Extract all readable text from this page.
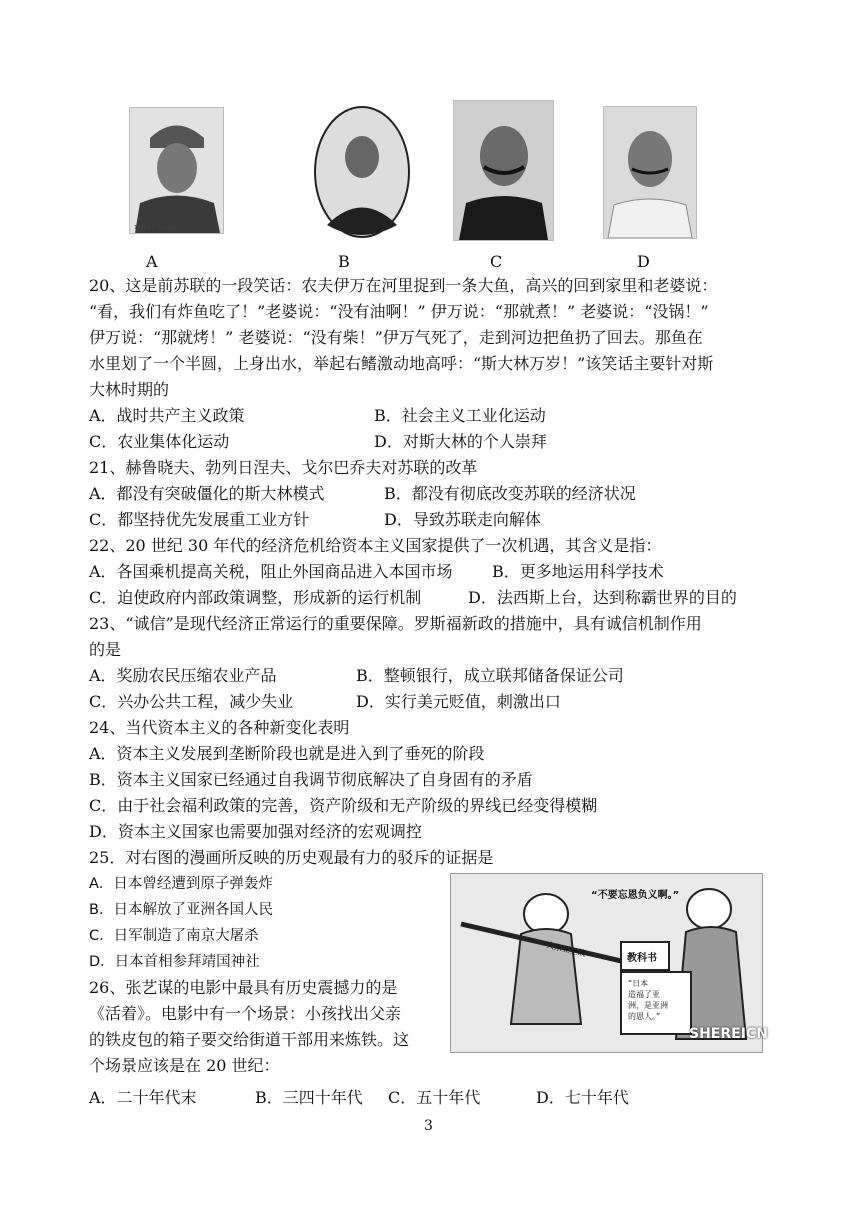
1936年在陕北保安
A	B	C	D
20、这是前苏联的一段笑话：农夫伊万在河里捉到一条大鱼，高兴的回到家里和老婆说：
“看，我们有炸鱼吃了！”老婆说：“没有油啊！” 伊万说：“那就煮！” 老婆说：“没锅！”
伊万说：“那就烤！” 老婆说：“没有柴！”伊万气死了，走到河边把鱼扔了回去。那鱼在
水里划了一个半圆，上身出水，举起右鳍激动地高呼：“斯大林万岁！”该笑话主要针对斯
大林时期的
A．战时共产主义政策	B．社会主义工业化运动
C．农业集体化运动	D．对斯大林的个人崇拜
21、赫鲁晓夫、勃列日涅夫、戈尔巴乔夫对苏联的改革
A．都没有突破僵化的斯大林模式	B．都没有彻底改变苏联的经济状况
C．都坚持优先发展重工业方针	D．导致苏联走向解体
22、20 世纪 30 年代的经济危机给资本主义国家提供了一次机遇，其含义是指：
A．各国乘机提高关税，阻止外国商品进入本国市场 B．更多地运用科学技术
C．迫使政府内部政策调整，形成新的运行机制	D．法西斯上台，达到称霸世界的目的
23、“诚信”是现代经济正常运行的重要保障。罗斯福新政的措施中，具有诚信机制作用
的是
A．奖励农民压缩农业产品	B．整顿银行，成立联邦储备保证公司
C．兴办公共工程，减少失业	D．实行美元贬值，刺激出口
24、当代资本主义的各种新变化表明
A．资本主义发展到垄断阶段也就是进入到了垂死的阶段
B．资本主义国家已经通过自我调节彻底解决了自身固有的矛盾
C．由于社会福利政策的完善，资产阶级和无产阶级的界线已经变得模糊
D．资本主义国家也需要加强对经济的宏观调控
25．对右图的漫画所反映的历史观最有力的驳斥的证据是
A．日本曾经遭到原子弹轰炸
B．日本解放了亚洲各国人民
C．日军制造了南京大屠杀
D．日本首相参拜靖国神社
“不要忘恩负义啊。”
教科书
大东亚圣战
“日本
造福了亚
洲，是亚洲
的恩人。”
SHEREICN
26、张艺谋的电影中最具有历史震撼力的是
《活着》。电影中有一个场景：小孩找出父亲
的铁皮包的箱子要交给街道干部用来炼铁。这
个场景应该是在 20 世纪：
A．二十年代末	B．三四十年代 C．五十年代	D．七十年代
3
